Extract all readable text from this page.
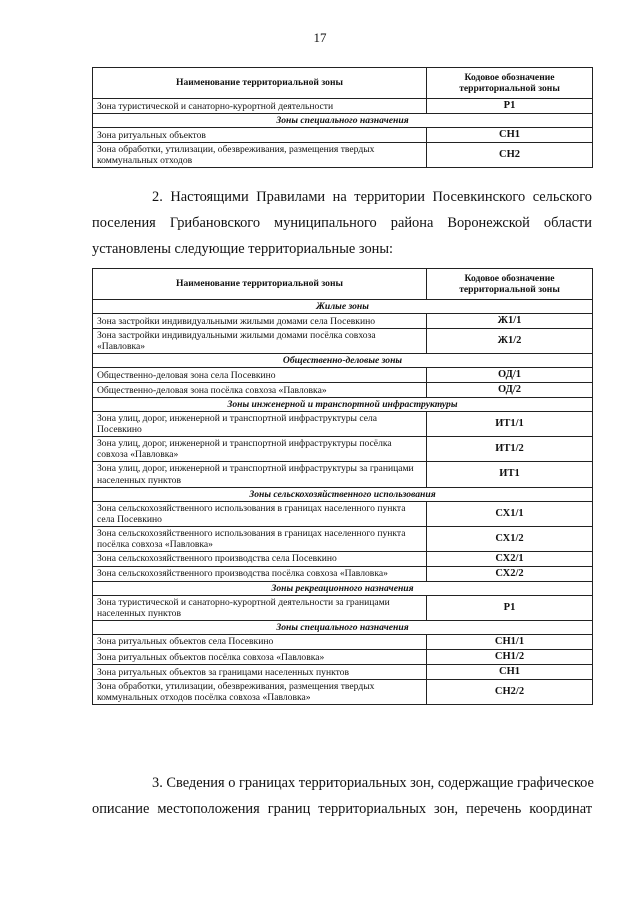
17
Наименование территориальной зоны	Кодовое обозначение территориальной зоны
Зона туристической и санаторно-курортной деятельности	Р1
Зоны специального назначения	
Зона ритуальных объектов	СН1
Зона обработки, утилизации, обезвреживания, размещения твердых коммунальных отходов	СН2
2. Настоящими Правилами на территории Посевкинского сельского
поселения Грибановского муниципального района Воронежской области
установлены следующие территориальные зоны:
Наименование территориальной зоны	Кодовое обозначение территориальной зоны
Жилые зоны	
Зона застройки индивидуальными жилыми домами села Посевкино	Ж1/1
Зона застройки индивидуальными жилыми домами посёлка совхоза «Павловка»	Ж1/2
Общественно-деловые зоны	
Общественно-деловая зона села Посевкино	ОД/1
Общественно-деловая зона посёлка совхоза «Павловка»	ОД/2
Зоны инженерной и транспортной инфраструктуры	
Зона улиц, дорог, инженерной и транспортной инфраструктуры села Посевкино	ИТ1/1
Зона улиц, дорог, инженерной и транспортной инфраструктуры посёлка совхоза «Павловка»	ИТ1/2
Зона улиц, дорог, инженерной и транспортной инфраструктуры за границами населенных пунктов	ИТ1
Зоны сельскохозяйственного использования	
Зона сельскохозяйственного использования в границах населенного пункта села Посевкино	СХ1/1
Зона сельскохозяйственного использования в границах населенного пункта посёлка совхоза «Павловка»	СХ1/2
Зона сельскохозяйственного производства села Посевкино	СХ2/1
Зона сельскохозяйственного производства посёлка совхоза «Павловка»	СХ2/2
Зоны рекреационного назначения	
Зона туристической и санаторно-курортной деятельности за границами населенных пунктов	Р1
Зоны специального назначения	
Зона ритуальных объектов села Посевкино	СН1/1
Зона ритуальных объектов посёлка совхоза «Павловка»	СН1/2
Зона ритуальных объектов за границами населенных пунктов	СН1
Зона обработки, утилизации, обезвреживания, размещения твердых коммунальных отходов посёлка совхоза «Павловка»	СН2/2
3. Сведения о границах территориальных зон, содержащие графическое
описание местоположения границ территориальных зон, перечень координат
